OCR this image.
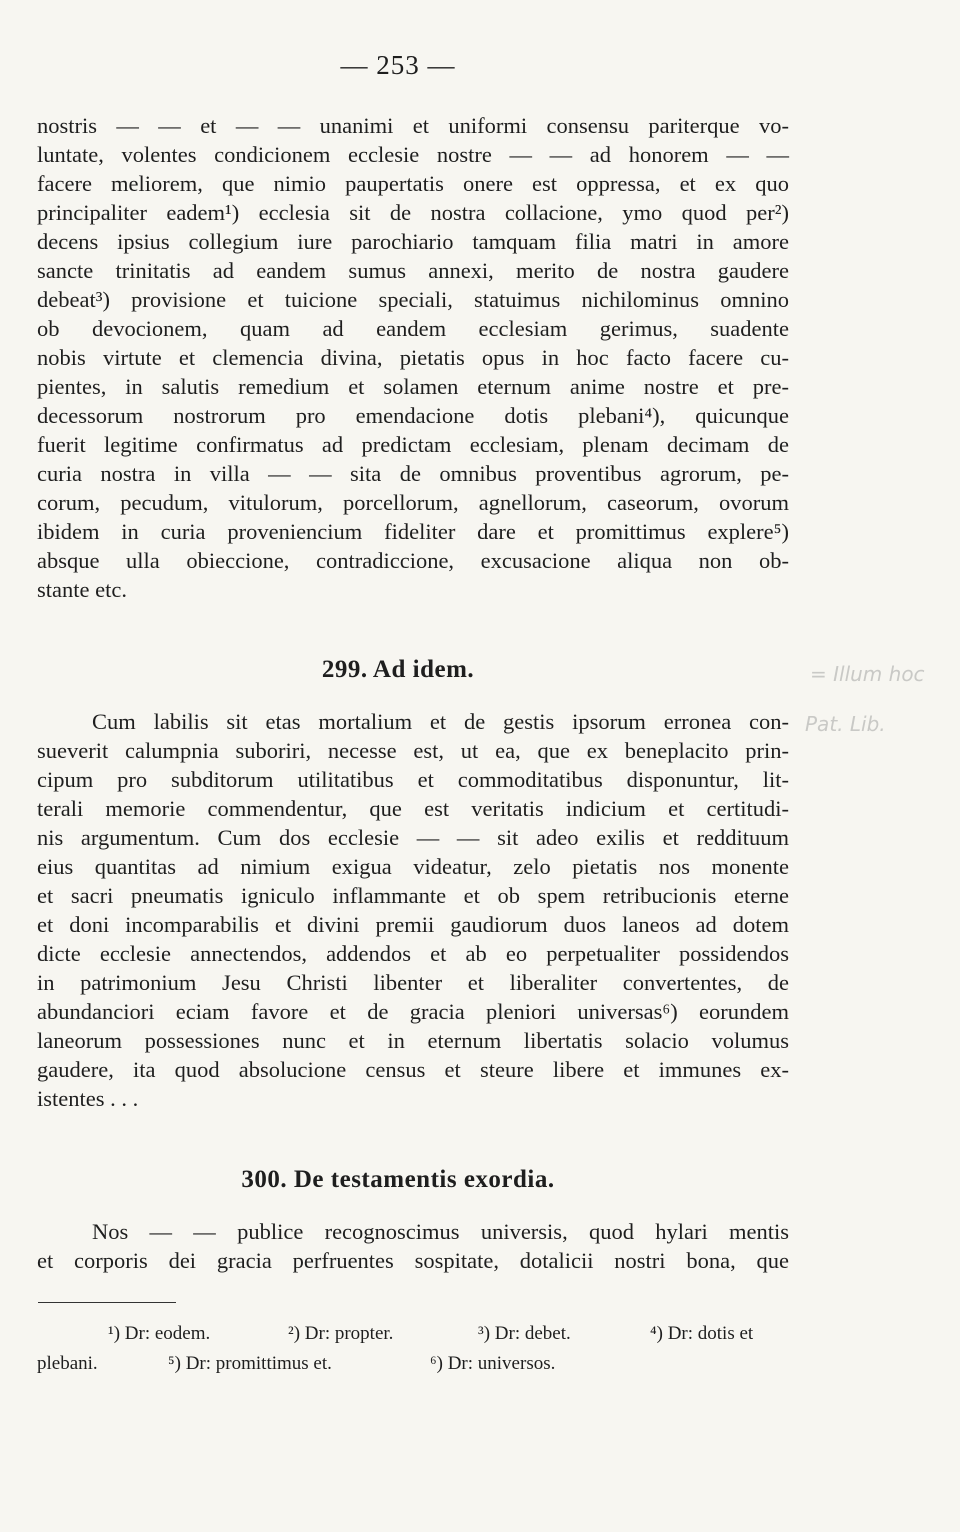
— 253 —
nostris — — et — — unanimi et uniformi consensu pariterque vo-
luntate, volentes condicionem ecclesie nostre — — ad honorem — —
facere meliorem, que nimio paupertatis onere est oppressa, et ex quo
principaliter eadem¹) ecclesia sit de nostra collacione, ymo quod per²)
decens ipsius collegium iure parochiario tamquam filia matri in amore
sancte trinitatis ad eandem sumus annexi, merito de nostra gaudere
debeat³) provisione et tuicione speciali, statuimus nichilominus omnino
ob devocionem, quam ad eandem ecclesiam gerimus, suadente
nobis virtute et clemencia divina, pietatis opus in hoc facto facere cu-
pientes, in salutis remedium et solamen eternum anime nostre et pre-
decessorum nostrorum pro emendacione dotis plebani⁴), quicunque
fuerit legitime confirmatus ad predictam ecclesiam, plenam decimam de
curia nostra in villa — — sita de omnibus proventibus agrorum, pe-
corum, pecudum, vitulorum, porcellorum, agnellorum, caseorum, ovorum
ibidem in curia proveniencium fideliter dare et promittimus explere⁵)
absque ulla obieccione, contradiccione, excusacione aliqua non ob-
stante etc.
299. Ad idem.	= Illum hoc
Pat. Lib.
Cum labilis sit etas mortalium et de gestis ipsorum erronea con-
sueverit calumpnia suboriri, necesse est, ut ea, que ex beneplacito prin-
cipum pro subditorum utilitatibus et commoditatibus disponuntur, lit-
terali memorie commendentur, que est veritatis indicium et certitudi-
nis argumentum. Cum dos ecclesie — — sit adeo exilis et reddituum
eius quantitas ad nimium exigua videatur, zelo pietatis nos monente
et sacri pneumatis igniculo inflammante et ob spem retribucionis eterne
et doni incomparabilis et divini premii gaudiorum duos laneos ad dotem
dicte ecclesie annectendos, addendos et ab eo perpetualiter possidendos
in patrimonium Jesu Christi libenter et liberaliter convertentes, de
abundanciori eciam favore et de gracia pleniori universas⁶) eorundem
laneorum possessiones nunc et in eternum libertatis solacio volumus
gaudere, ita quod absolucione census et steure libere et immunes ex-
istentes . . .
300. De testamentis exordia.
Nos — — publice recognoscimus universis, quod hylari mentis
et corporis dei gracia perfruentes sospitate, dotalicii nostri bona, que
¹) Dr: eodem.	²) Dr: propter.	³) Dr: debet.	⁴) Dr: dotis et
plebani.	⁵) Dr: promittimus et.	⁶) Dr: universos.
